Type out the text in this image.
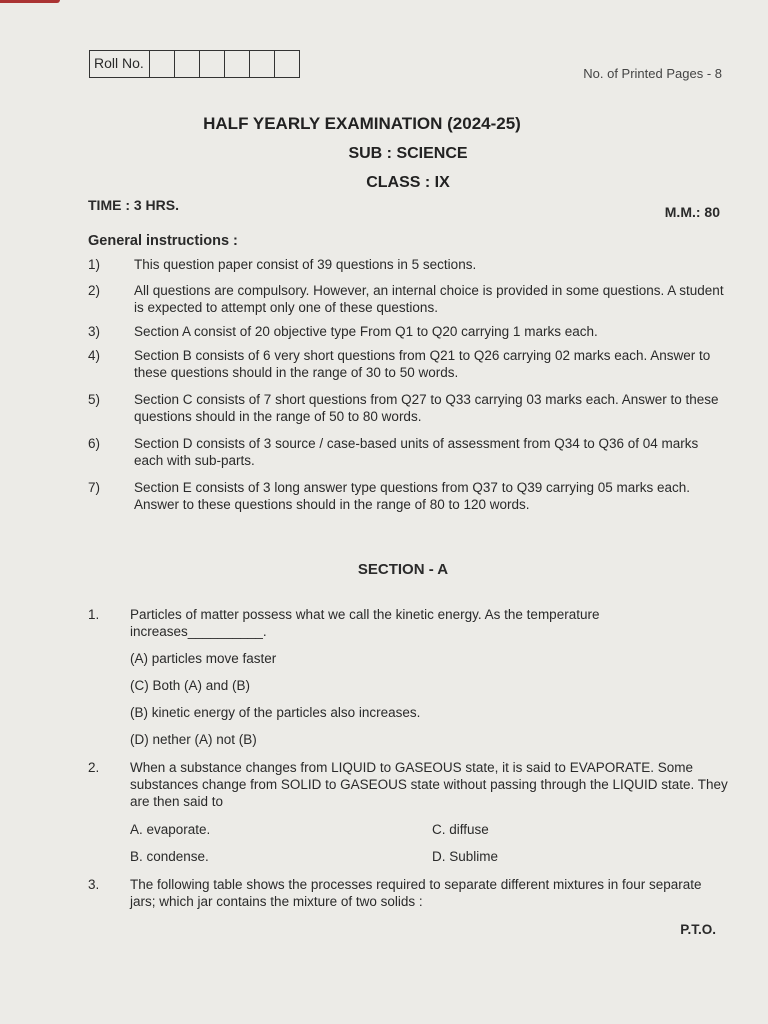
Roll No.
No. of Printed Pages - 8
HALF YEARLY EXAMINATION (2024-25)
SUB : SCIENCE
CLASS : IX
TIME : 3 HRS.	M.M.: 80
General instructions :
1)	This question paper consist of 39 questions in 5 sections.
2)	All questions are compulsory. However, an internal choice is provided in some questions. A student is expected to attempt only one of these questions.
3)	Section A consist of 20 objective type From Q1 to Q20 carrying 1 marks each.
4)	Section B consists of 6 very short questions from Q21 to Q26 carrying 02 marks each. Answer to these questions should in the range of 30 to 50 words.
5)	Section C consists of 7 short questions from Q27 to Q33 carrying 03 marks each. Answer to these questions should in the range of 50 to 80 words.
6)	Section D consists of 3 source / case-based units of assessment from Q34 to Q36 of 04 marks each with sub-parts.
7)	Section E consists of 3 long answer type questions from Q37 to Q39 carrying 05 marks each. Answer to these questions should in the range of 80 to 120 words.
SECTION - A
1.	Particles of matter possess what we call the kinetic energy. As the temperature increases__________.
(A) particles move faster
(C) Both (A) and (B)
(B) kinetic energy of the particles also increases.
(D) nether (A) not (B)
2.	When a substance changes from LIQUID to GASEOUS state, it is said to EVAPORATE. Some substances change from SOLID to GASEOUS state without passing through the LIQUID state. They are then said to
A. evaporate.
B. condense.
C. diffuse
D. Sublime
3.	The following table shows the processes required to separate different mixtures in four separate jars; which jar contains the mixture of two solids :
P.T.O.
